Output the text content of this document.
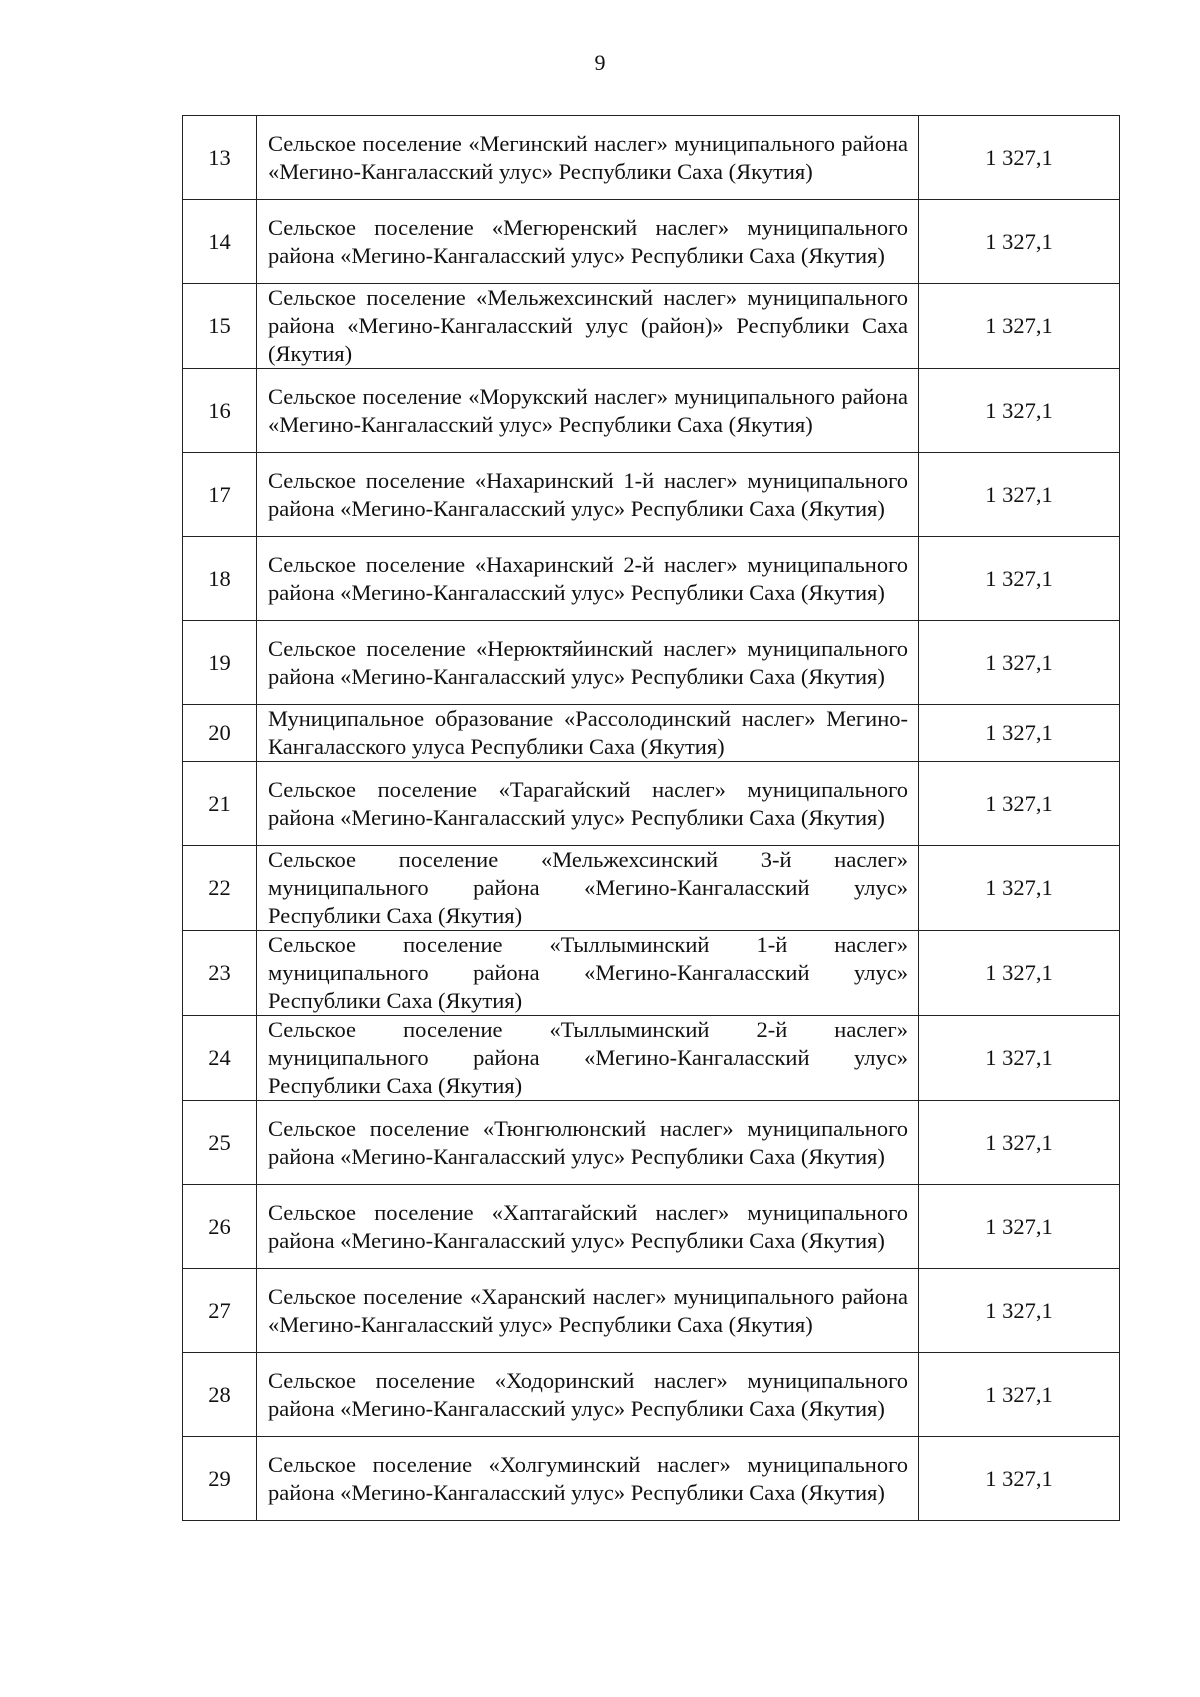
9
13	Сельское поселение «Мегинский наслег» муниципального района «Мегино-Кангаласский улус» Республики Саха (Якутия)	1 327,1
14	Сельское поселение «Мегюренский наслег» муниципального района «Мегино-Кангаласский улус» Республики Саха (Якутия)	1 327,1
15	Сельское поселение «Мельжехсинский наслег» муниципального района «Мегино-Кангаласский улус (район)» Республики Саха (Якутия)	1 327,1
16	Сельское поселение «Морукский наслег» муниципального района «Мегино-Кангаласский улус» Республики Саха (Якутия)	1 327,1
17	Сельское поселение «Нахаринский 1-й наслег» муниципального района «Мегино-Кангаласский улус» Республики Саха (Якутия)	1 327,1
18	Сельское поселение «Нахаринский 2-й наслег» муниципального района «Мегино-Кангаласский улус» Республики Саха (Якутия)	1 327,1
19	Сельское поселение «Нерюктяйинский наслег» муниципального района «Мегино-Кангаласский улус» Республики Саха (Якутия)	1 327,1
20	Муниципальное образование «Рассолодинский наслег» Мегино-Кангаласского улуса Республики Саха (Якутия)	1 327,1
21	Сельское поселение «Тарагайский наслег» муниципального района «Мегино-Кангаласский улус» Республики Саха (Якутия)	1 327,1
22	Сельское поселение «Мельжехсинский 3-й наслег» муниципального района «Мегино-Кангаласский улус» Республики Саха (Якутия)	1 327,1
23	Сельское поселение «Тыллыминский 1-й наслег» муниципального района «Мегино-Кангаласский улус» Республики Саха (Якутия)	1 327,1
24	Сельское поселение «Тыллыминский 2-й наслег» муниципального района «Мегино-Кангаласский улус» Республики Саха (Якутия)	1 327,1
25	Сельское поселение «Тюнгюлюнский наслег» муниципального района «Мегино-Кангаласский улус» Республики Саха (Якутия)	1 327,1
26	Сельское поселение «Хаптагайский наслег» муниципального района «Мегино-Кангаласский улус» Республики Саха (Якутия)	1 327,1
27	Сельское поселение «Харанский наслег» муниципального района «Мегино-Кангаласский улус» Республики Саха (Якутия)	1 327,1
28	Сельское поселение «Ходоринский наслег» муниципального района «Мегино-Кангаласский улус» Республики Саха (Якутия)	1 327,1
29	Сельское поселение «Холгуминский наслег» муниципального района «Мегино-Кангаласский улус» Республики Саха (Якутия)	1 327,1
